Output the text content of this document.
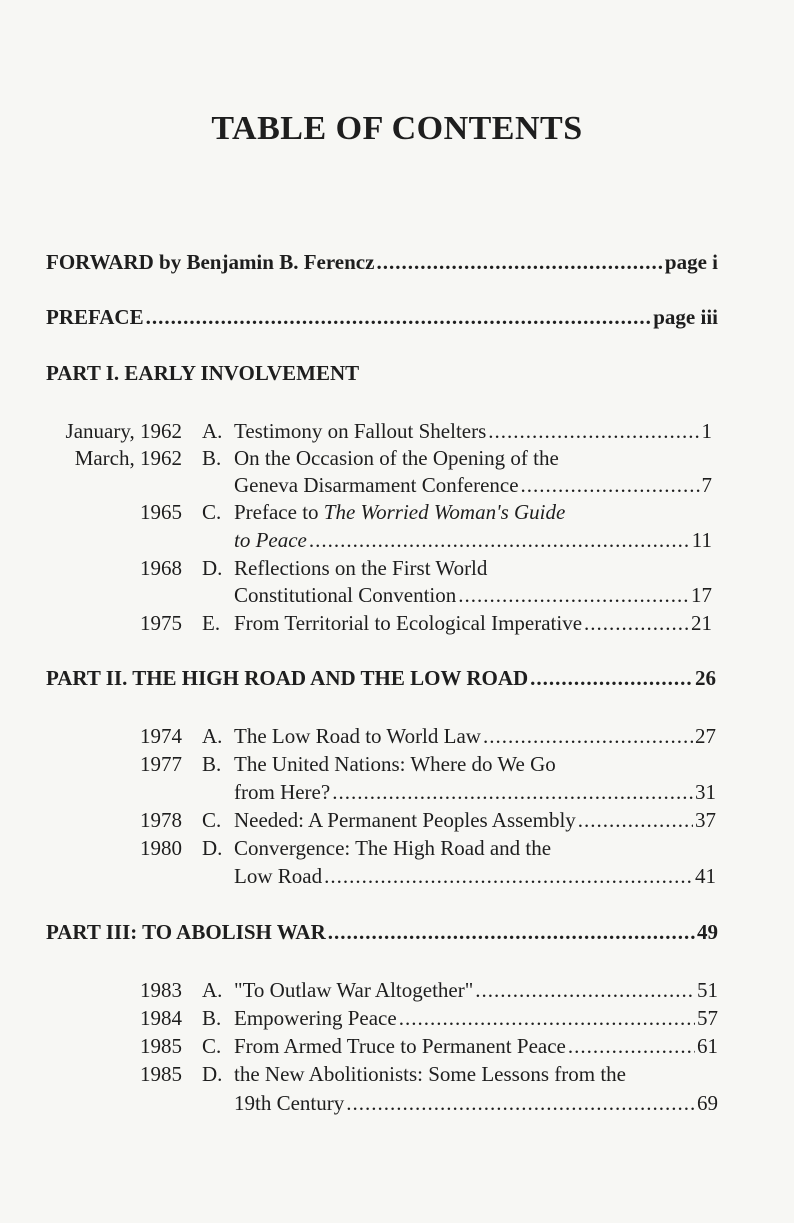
TABLE OF CONTENTS
FORWARD by Benjamin B. Ferencz .....	page i
PREFACE .....	page iii
PART I. EARLY INVOLVEMENT
January, 1962 A. Testimony on Fallout Shelters .....	1
March, 1962 B. On the Occasion of the Opening of the
Geneva Disarmament Conference .....	7
1965 C. Preface to The Worried Woman's Guide
to Peace .....	11
1968 D. Reflections on the First World
Constitutional Convention .....	17
1975 E. From Territorial to Ecological Imperative .....	21
PART II. THE HIGH ROAD AND THE LOW ROAD .....	26
1974 A. The Low Road to World Law .....	27
1977 B. The United Nations: Where do We Go
from Here? .....	31
1978 C. Needed: A Permanent Peoples Assembly .....	37
1980 D. Convergence: The High Road and the
Low Road .....	41
PART III: TO ABOLISH WAR .....	49
1983 A. "To Outlaw War Altogether" .....	51
1984 B. Empowering Peace .....	57
1985 C. From Armed Truce to Permanent Peace .....	61
1985 D. the New Abolitionists: Some Lessons from the
19th Century .....	69
